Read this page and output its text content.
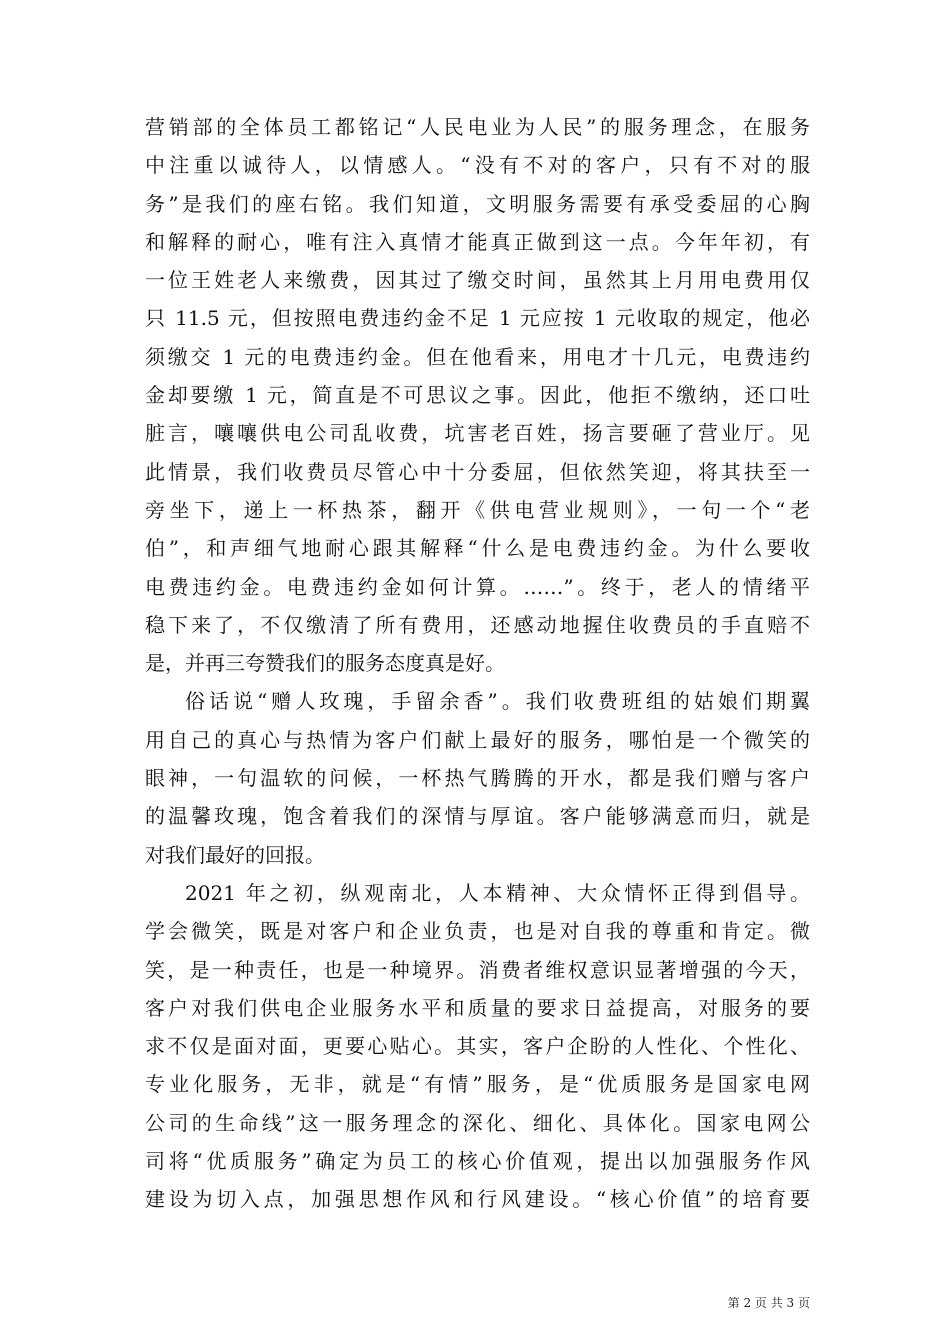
营销部的全体员工都铭记“人民电业为人民”的服务理念，在服务
中注重以诚待人，以情感人。“没有不对的客户，只有不对的服
务”是我们的座右铭。我们知道，文明服务需要有承受委屈的心胸
和解释的耐心，唯有注入真情才能真正做到这一点。今年年初，有
一位王姓老人来缴费，因其过了缴交时间，虽然其上月用电费用仅
只 11.5 元，但按照电费违约金不足 1 元应按 1 元收取的规定，他必
须缴交 1 元的电费违约金。但在他看来，用电才十几元，电费违约
金却要缴 1 元，简直是不可思议之事。因此，他拒不缴纳，还口吐
脏言，嚷嚷供电公司乱收费，坑害老百姓，扬言要砸了营业厅。见
此情景，我们收费员尽管心中十分委屈，但依然笑迎，将其扶至一
旁坐下，递上一杯热茶，翻开《供电营业规则》，一句一个“老
伯”，和声细气地耐心跟其解释“什么是电费违约金。为什么要收
电费违约金。电费违约金如何计算。……”。终于，老人的情绪平
稳下来了，不仅缴清了所有费用，还感动地握住收费员的手直赔不
是，并再三夸赞我们的服务态度真是好。
俗话说“赠人玫瑰，手留余香”。我们收费班组的姑娘们期翼
用自己的真心与热情为客户们献上最好的服务，哪怕是一个微笑的
眼神，一句温软的问候，一杯热气腾腾的开水，都是我们赠与客户
的温馨玫瑰，饱含着我们的深情与厚谊。客户能够满意而归，就是
对我们最好的回报。
2021 年之初，纵观南北，人本精神、大众情怀正得到倡导。
学会微笑，既是对客户和企业负责，也是对自我的尊重和肯定。微
笑，是一种责任，也是一种境界。消费者维权意识显著增强的今天，
客户对我们供电企业服务水平和质量的要求日益提高，对服务的要
求不仅是面对面，更要心贴心。其实，客户企盼的人性化、个性化、
专业化服务，无非，就是“有情”服务，是“优质服务是国家电网
公司的生命线”这一服务理念的深化、细化、具体化。国家电网公
司将“优质服务”确定为员工的核心价值观，提出以加强服务作风
建设为切入点，加强思想作风和行风建设。“核心价值”的培育要
第 2 页 共 3 页
